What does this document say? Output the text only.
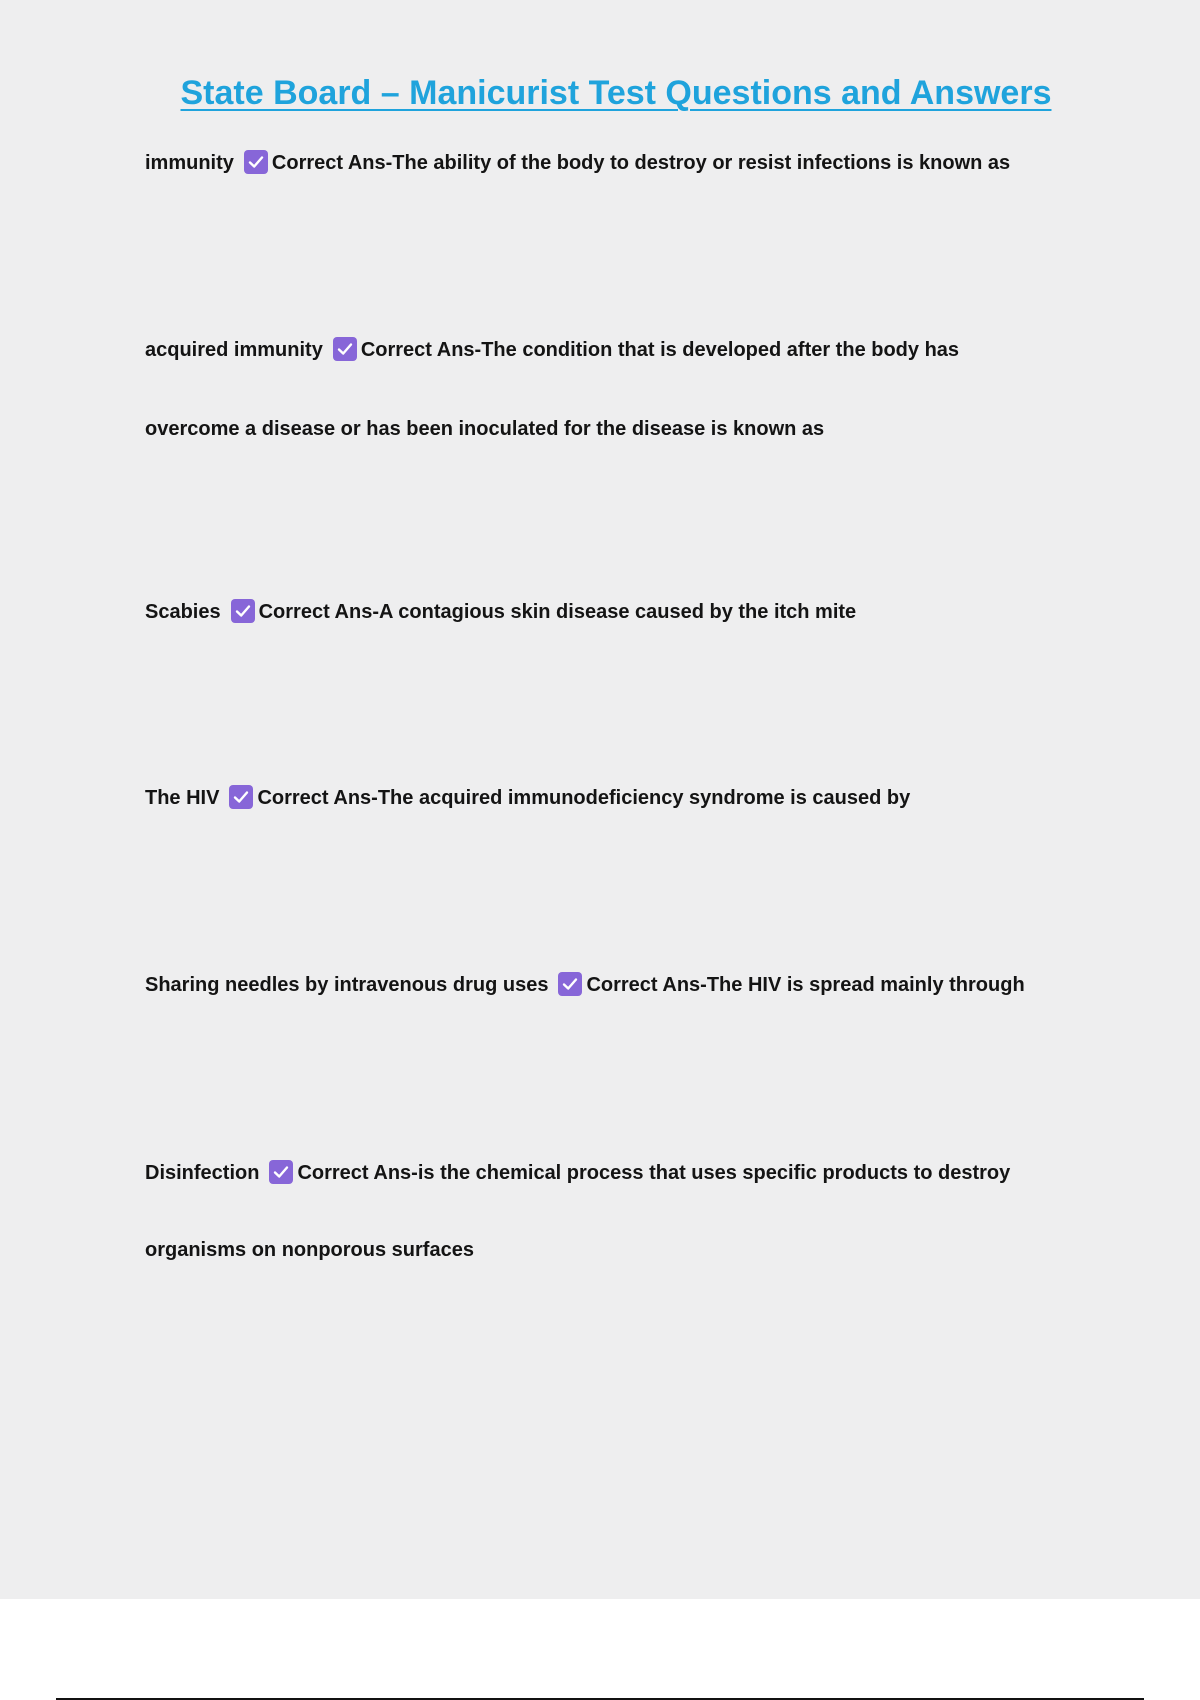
State Board – Manicurist Test Questions and Answers
immunity Correct Ans-The ability of the body to destroy or resist infections is known as
acquired immunity Correct Ans-The condition that is developed after the body has
overcome a disease or has been inoculated for the disease is known as
Scabies Correct Ans-A contagious skin disease caused by the itch mite
The HIV Correct Ans-The acquired immunodeficiency syndrome is caused by
Sharing needles by intravenous drug uses Correct Ans-The HIV is spread mainly through
Disinfection Correct Ans-is the chemical process that uses specific products to destroy
organisms on nonporous surfaces
